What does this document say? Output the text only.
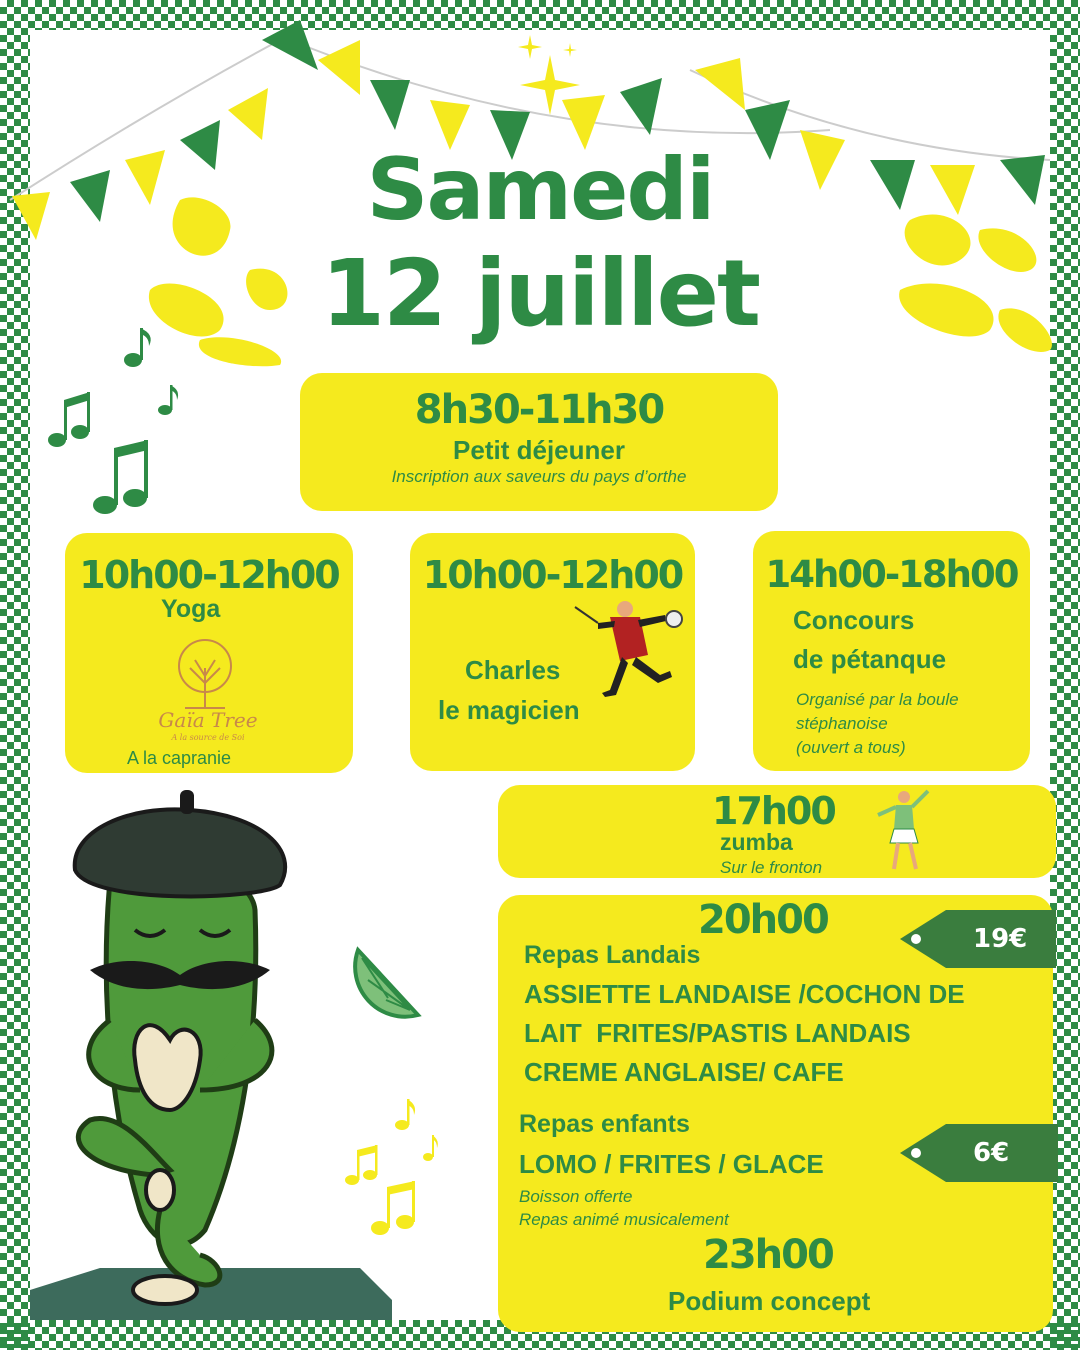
Samedi
12 juillet
8h30-11h30
Petit déjeuner
Inscription aux saveurs du pays d’orthe
10h00-12h00
Yoga
Gaïa Tree
A la source de Soi
A la capranie
10h00-12h00
Charles
le magicien
14h00-18h00
Concours
de pétanque
Organisé par la boule
stéphanoise
(ouvert a tous)
17h00
zumba
Sur le fronton
20h00
Repas Landais
ASSIETTE LANDAISE /COCHON DE
LAIT  FRITES/PASTIS LANDAIS
CREME ANGLAISE/ CAFE
Repas enfants
LOMO / FRITES / GLACE
Boisson offerte
Repas animé musicalement
23h00
Podium concept
19€
6€
